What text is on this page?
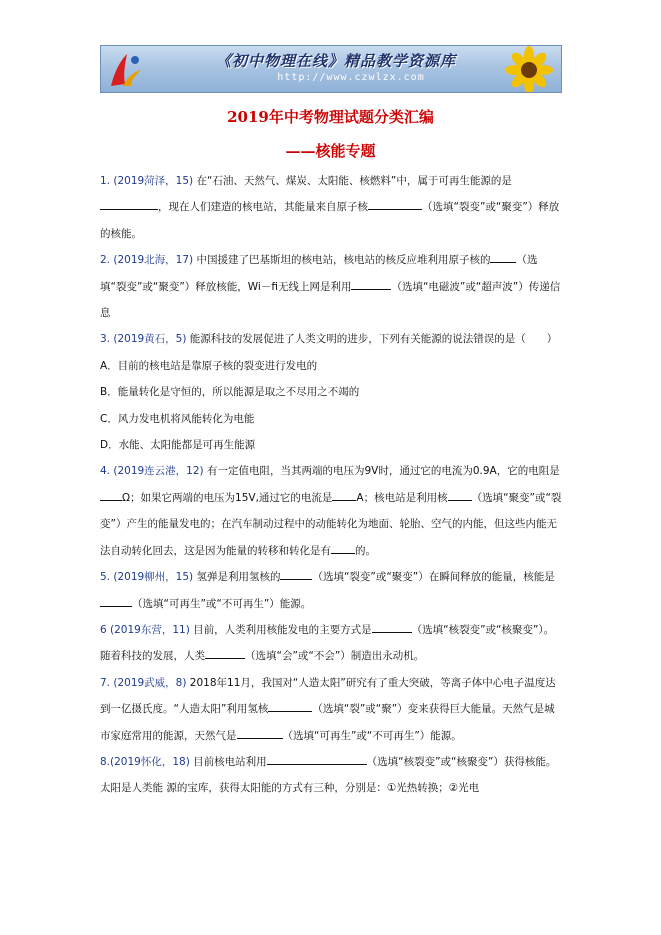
《初中物理在线》精品教学资源库
http://www.czwlzx.com
2019年中考物理试题分类汇编
——核能专题

1. (2019菏泽，15) 在“石油、天然气、煤炭、太阳能、核燃料”中，属于可再生能源的是 ，现在人们建造的核电站，其能量来自原子核	（选填“裂变”或“聚变”）释放的核能。

2. (2019北海，17) 中国援建了巴基斯坦的核电站，核电站的核反应堆利用原子核的 （选填“裂变”或“聚变”）释放核能，Wi－fi无线上网是利用	（选填“电磁波”或“超声波”）传递信息

3. (2019黄石，5) 能源科技的发展促进了人类文明的进步，下列有关能源的说法错误的是（　　）

A．目前的核电站是靠原子核的裂变进行发电的

B．能量转化是守恒的，所以能源是取之不尽用之不竭的

C．风力发电机将风能转化为电能

D．水能、太阳能都是可再生能源

4. (2019连云港，12) 有一定值电阻，当其两端的电压为9V时，通过它的电流为0.9A，它的电阻是Ω；如果它两端的电压为15V,通过它的电流是 A；核电站是利用核 （选填“聚变”或“裂变”）产生的能量发电的；在汽车制动过程中的动能转化为地面、轮胎、空气的内能，但这些内能无法自动转化回去，这是因为能量的转移和转化是有 的。

5. (2019柳州，15) 氢弹是利用氢核的	（选填“裂变”或“聚变”）在瞬间释放的能量，核能是（选填“可再生”或“不可再生”）能源。

6 (2019东营，11) 目前，人类利用核能发电的主要方式是	（选填“核裂变”或“核聚变”）。随着科技的发展，人类	（选填“会”或“不会”）制造出永动机。

7. (2019武威，8) 2018年11月，我国对“人造太阳”研究有了重大突破，等离子体中心电子温度达到一亿摄氏度。“人造太阳”利用氢核	（选填“裂”或“聚”）变来获得巨大能量。天然气是城市家庭常用的能源，天然气是	（选填“可再生”或“不可再生”）能源。

8.(2019怀化，18) 目前核电站利用	（选填“核裂变”或“核聚变”）获得核能。太阳是人类能 源的宝库，获得太阳能的方式有三种，分别是：①光热转换；②光电
